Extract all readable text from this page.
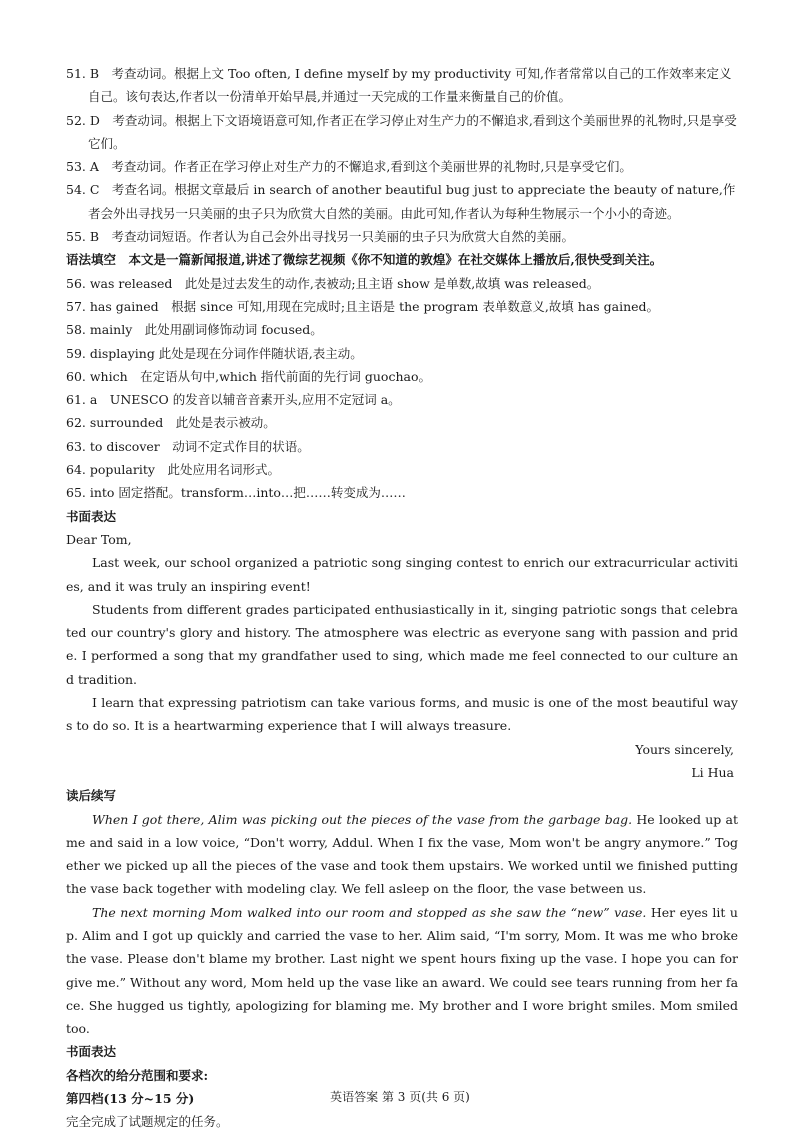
51. B　考查动词。根据上文 Too often, I define myself by my productivity 可知,作者常常以自己的工作效率来定义自己。该句表达,作者以一份清单开始早晨,并通过一天完成的工作量来衡量自己的价值。

52. D　考查动词。根据上下文语境语意可知,作者正在学习停止对生产力的不懈追求,看到这个美丽世界的礼物时,只是享受它们。

53. A　考查动词。作者正在学习停止对生产力的不懈追求,看到这个美丽世界的礼物时,只是享受它们。

54. C　考查名词。根据文章最后 in search of another beautiful bug just to appreciate the beauty of nature,作者会外出寻找另一只美丽的虫子只为欣赏大自然的美丽。由此可知,作者认为每种生物展示一个小小的奇迹。

55. B　考查动词短语。作者认为自己会外出寻找另一只美丽的虫子只为欣赏大自然的美丽。

语法填空　本文是一篇新闻报道,讲述了微综艺视频《你不知道的敦煌》在社交媒体上播放后,很快受到关注。

56. was released　此处是过去发生的动作,表被动;且主语 show 是单数,故填 was released。

57. has gained　根据 since 可知,用现在完成时;且主语是 the program 表单数意义,故填 has gained。

58. mainly　此处用副词修饰动词 focused。

59. displaying 此处是现在分词作伴随状语,表主动。

60. which　在定语从句中,which 指代前面的先行词 guochao。

61. a　UNESCO 的发音以辅音音素开头,应用不定冠词 a。

62. surrounded　此处是表示被动。

63. to discover　动词不定式作目的状语。

64. popularity　此处应用名词形式。

65. into 固定搭配。transform…into…把……转变成为……

书面表达

Dear Tom,

Last week, our school organized a patriotic song singing contest to enrich our extracurricular activities, and it was truly an inspiring event!

Students from different grades participated enthusiastically in it, singing patriotic songs that celebrated our country's glory and history. The atmosphere was electric as everyone sang with passion and pride. I performed a song that my grandfather used to sing, which made me feel connected to our culture and tradition.

I learn that expressing patriotism can take various forms, and music is one of the most beautiful ways to do so. It is a heartwarming experience that I will always treasure.

Yours sincerely,

Li Hua

读后续写

When I got there, Alim was picking out the pieces of the vase from the garbage bag. He looked up at me and said in a low voice, “Don't worry, Addul. When I fix the vase, Mom won't be angry anymore.” Together we picked up all the pieces of the vase and took them upstairs. We worked until we finished putting the vase back together with modeling clay. We fell asleep on the floor, the vase between us.

The next morning Mom walked into our room and stopped as she saw the “new” vase. Her eyes lit up. Alim and I got up quickly and carried the vase to her. Alim said, “I'm sorry, Mom. It was me who broke the vase. Please don't blame my brother. Last night we spent hours fixing up the vase. I hope you can forgive me.” Without any word, Mom held up the vase like an award. We could see tears running from her face. She hugged us tightly, apologizing for blaming me. My brother and I wore bright smiles. Mom smiled too.

书面表达

各档次的给分范围和要求:

第四档(13 分~15 分)

完全完成了试题规定的任务。

英语答案 第 3 页(共 6 页)
